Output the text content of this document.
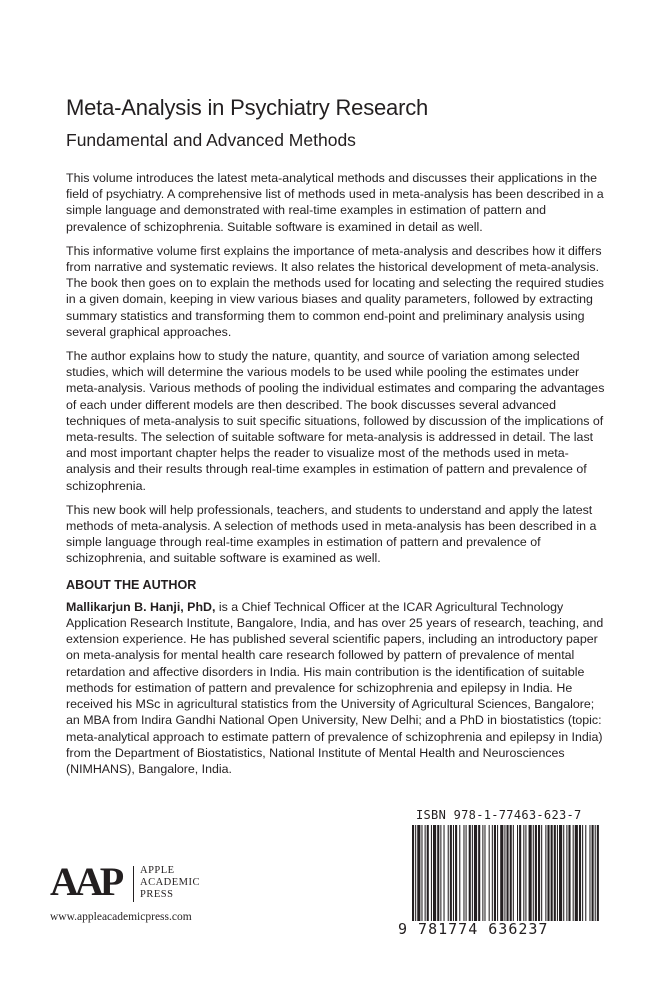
Meta-Analysis in Psychiatry Research
Fundamental and Advanced Methods

This volume introduces the latest meta-analytical methods and discusses their applications in the field of psychiatry. A comprehensive list of methods used in meta-analysis has been described in a simple language and demonstrated with real-time examples in estimation of pattern and prevalence of schizophrenia. Suitable software is examined in detail as well.

This informative volume first explains the importance of meta-analysis and describes how it differs from narrative and systematic reviews. It also relates the historical development of meta-analysis. The book then goes on to explain the methods used for locating and selecting the required studies in a given domain, keeping in view various biases and quality parameters, followed by extracting summary statistics and transforming them to common end-point and preliminary analysis using several graphical approaches.

The author explains how to study the nature, quantity, and source of variation among selected studies, which will determine the various models to be used while pooling the estimates under meta-analysis. Various methods of pooling the individual estimates and comparing the advantages of each under different models are then described. The book discusses several advanced techniques of meta-analysis to suit specific situations, followed by discussion of the implications of meta-results. The selection of suitable software for meta-analysis is addressed in detail. The last and most important chapter helps the reader to visualize most of the methods used in meta-analysis and their results through real-time examples in estimation of pattern and prevalence of schizophrenia.

This new book will help professionals, teachers, and students to understand and apply the latest methods of meta-analysis. A selection of methods used in meta-analysis has been described in a simple language through real-time examples in estimation of pattern and prevalence of schizophrenia, and suitable software is examined as well.

ABOUT THE AUTHOR

Mallikarjun B. Hanji, PhD, is a Chief Technical Officer at the ICAR Agricultural Technology Application Research Institute, Bangalore, India, and has over 25 years of research, teaching, and extension experience. He has published several scientific papers, including an introductory paper on meta-analysis for mental health care research followed by pattern of prevalence of mental retardation and affective disorders in India. His main contribution is the identification of suitable methods for estimation of pattern and prevalence for schizophrenia and epilepsy in India. He received his MSc in agricultural statistics from the University of Agricultural Sciences, Bangalore; an MBA from Indira Gandhi National Open University, New Delhi; and a PhD in biostatistics (topic: meta-analytical approach to estimate pattern of prevalence of schizophrenia and epilepsy in India) from the Department of Biostatistics, National Institute of Mental Health and Neurosciences (NIMHANS), Bangalore, India.

AAP APPLE
ACADEMIC
PRESS
www.appleacademicpress.com
ISBN 978-1-77463-623-7
9 781774 636237
